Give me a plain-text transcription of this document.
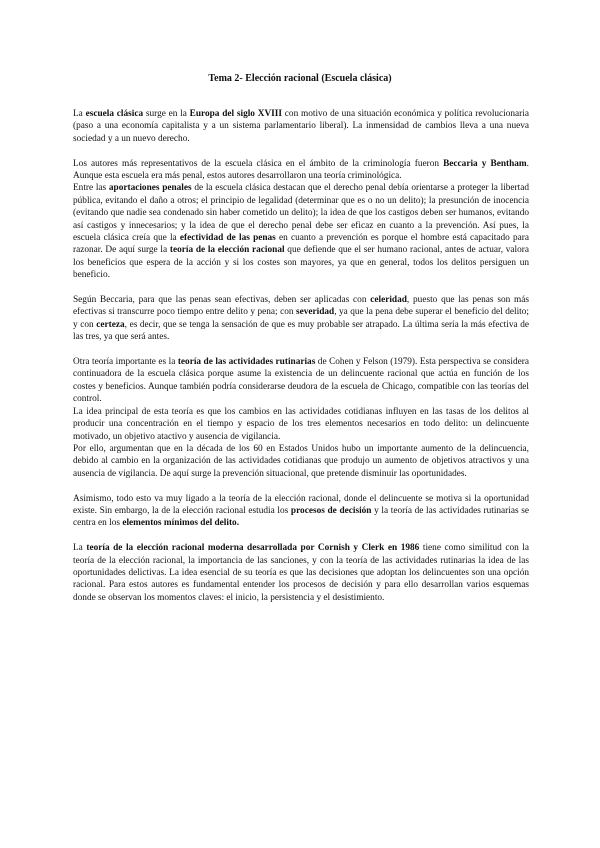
Tema 2- Elección racional (Escuela clásica)

La escuela clásica surge en la Europa del siglo XVIII con motivo de una situación económica y política revolucionaria (paso a una economía capitalista y a un sistema parlamentario liberal). La inmensidad de cambios lleva a una nueva sociedad y a un nuevo derecho.

Los autores más representativos de la escuela clásica en el ámbito de la criminología fueron Beccaria y Bentham. Aunque esta escuela era más penal, estos autores desarrollaron una teoría criminológica.

Entre las aportaciones penales de la escuela clásica destacan que el derecho penal debía orientarse a proteger la libertad pública, evitando el daño a otros; el principio de legalidad (determinar que es o no un delito); la presunción de inocencia (evitando que nadie sea condenado sin haber cometido un delito); la idea de que los castigos deben ser humanos, evitando así castigos y innecesarios; y la idea de que el derecho penal debe ser eficaz en cuanto a la prevención. Así pues, la escuela clásica creía que la efectividad de las penas en cuanto a prevención es porque el hombre está capacitado para razonar. De aquí surge la teoría de la elección racional que defiende que el ser humano racional, antes de actuar, valora los beneficios que espera de la acción y si los costes son mayores, ya que en general, todos los delitos persiguen un beneficio.

Según Beccaria, para que las penas sean efectivas, deben ser aplicadas con celeridad, puesto que las penas son más efectivas si transcurre poco tiempo entre delito y pena; con severidad, ya que la pena debe superar el beneficio del delito; y con certeza, es decir, que se tenga la sensación de que es muy probable ser atrapado. La última sería la más efectiva de las tres, ya que será antes.

Otra teoría importante es la teoría de las actividades rutinarias de Cohen y Felson (1979). Esta perspectiva se considera continuadora de la escuela clásica porque asume la existencia de un delincuente racional que actúa en función de los costes y beneficios. Aunque también podría considerarse deudora de la escuela de Chicago, compatible con las teorías del control.

La idea principal de esta teoría es que los cambios en las actividades cotidianas influyen en las tasas de los delitos al producir una concentración en el tiempo y espacio de los tres elementos necesarios en todo delito: un delincuente motivado, un objetivo atactivo y ausencia de vigilancia.

Por ello, argumentan que en la década de los 60 en Estados Unidos hubo un importante aumento de la delincuencia, debido al cambio en la organización de las actividades cotidianas que produjo un aumento de objetivos atractivos y una ausencia de vigilancia. De aquí surge la prevención situacional, que pretende disminuir las oportunidades.

Asimismo, todo esto va muy ligado a la teoría de la elección racional, donde el delincuente se motiva si la oportunidad existe. Sin embargo, la de la elección racional estudia los procesos de decisión y la teoría de las actividades rutinarias se centra en los elementos mínimos del delito.

La teoría de la elección racional moderna desarrollada por Cornish y Clerk en 1986 tiene como similitud con la teoría de la elección racional, la importancia de las sanciones, y con la teoría de las actividades rutinarias la idea de las oportunidades delictivas. La idea esencial de su teoría es que las decisiones que adoptan los delincuentes son una opción racional. Para estos autores es fundamental entender los procesos de decisión y para ello desarrollan varios esquemas donde se observan los momentos claves: el inicio, la persistencia y el desistimiento.
